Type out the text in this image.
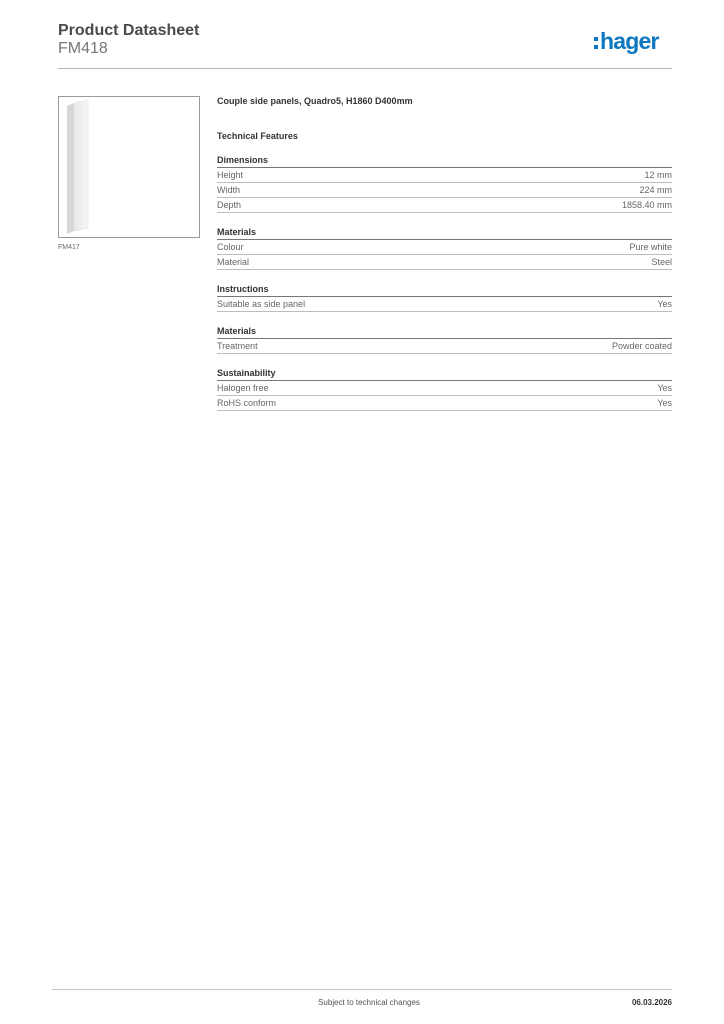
Product Datasheet
FM418	hager
FM417
Couple side panels, Quadro5, H1860 D400mm
Technical Features
Dimensions
Height	12 mm
Width	224 mm
Depth	1858.40 mm
Materials
Colour	Pure white
Material	Steel
Instructions
Suitable as side panel	Yes
Materials
Treatment	Powder coated
Sustainability
Halogen free	Yes
RoHS conform	Yes
Subject to technical changes	06.03.2026
